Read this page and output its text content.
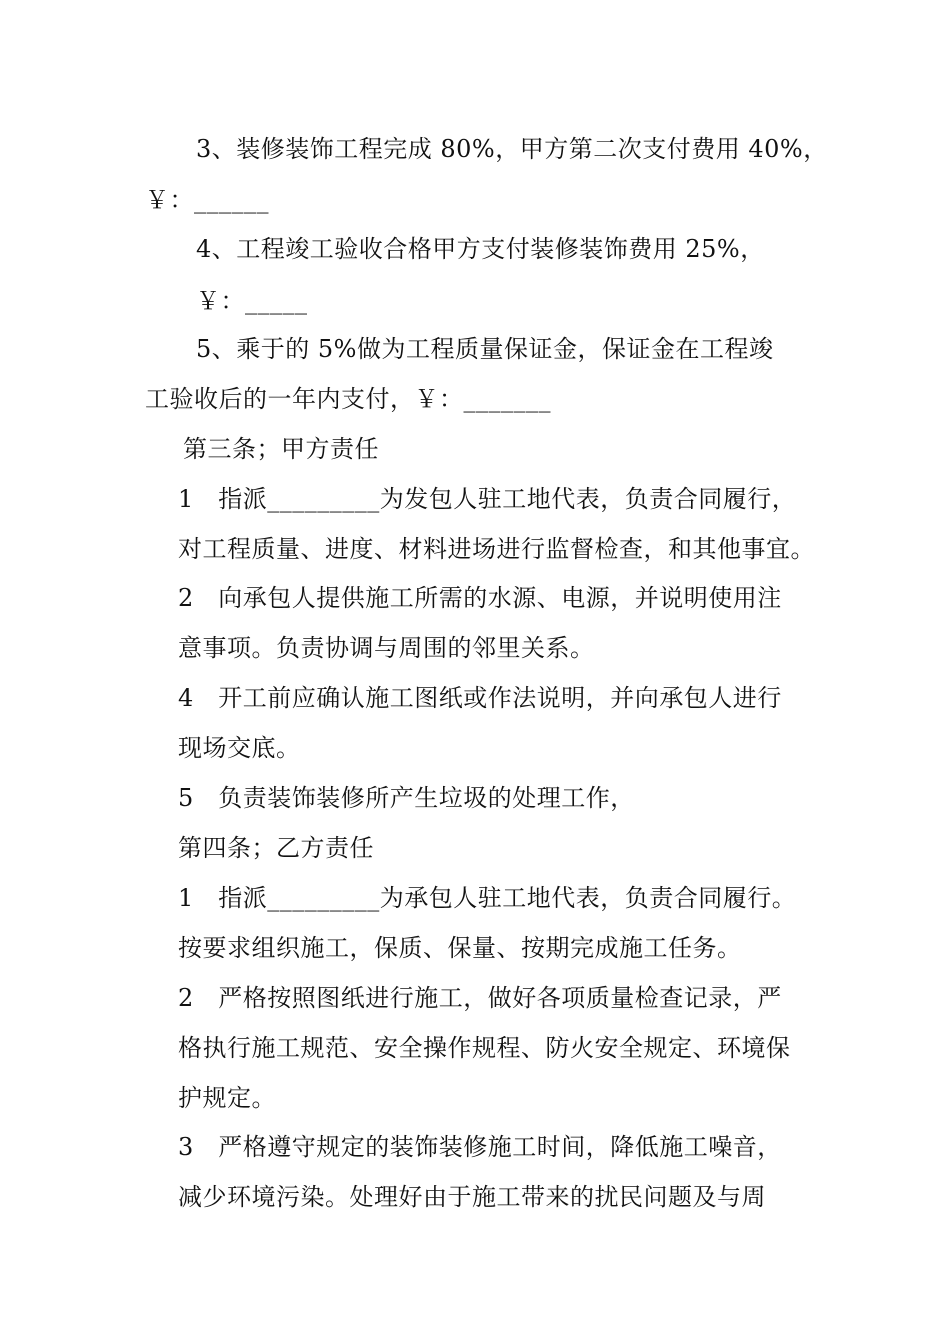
3、装修装饰工程完成 80%，甲方第二次支付费用 40%，
￥：______
4、工程竣工验收合格甲方支付装修装饰费用 25%，
￥：_____
5、乘于的 5%做为工程质量保证金，保证金在工程竣
工验收后的一年内支付，￥：_______
第三条；甲方责任
1　指派_________为发包人驻工地代表，负责合同履行，
对工程质量、进度、材料进场进行监督检查，和其他事宜。
2　向承包人提供施工所需的水源、电源，并说明使用注
意事项。负责协调与周围的邻里关系。
4　开工前应确认施工图纸或作法说明，并向承包人进行
现场交底。
5　负责装饰装修所产生垃圾的处理工作，
第四条；乙方责任
1　指派_________为承包人驻工地代表，负责合同履行。
按要求组织施工，保质、保量、按期完成施工任务。
2　严格按照图纸进行施工，做好各项质量检查记录，严
格执行施工规范、安全操作规程、防火安全规定、环境保
护规定。
3　严格遵守规定的装饰装修施工时间，降低施工噪音，
减少环境污染。处理好由于施工带来的扰民问题及与周
